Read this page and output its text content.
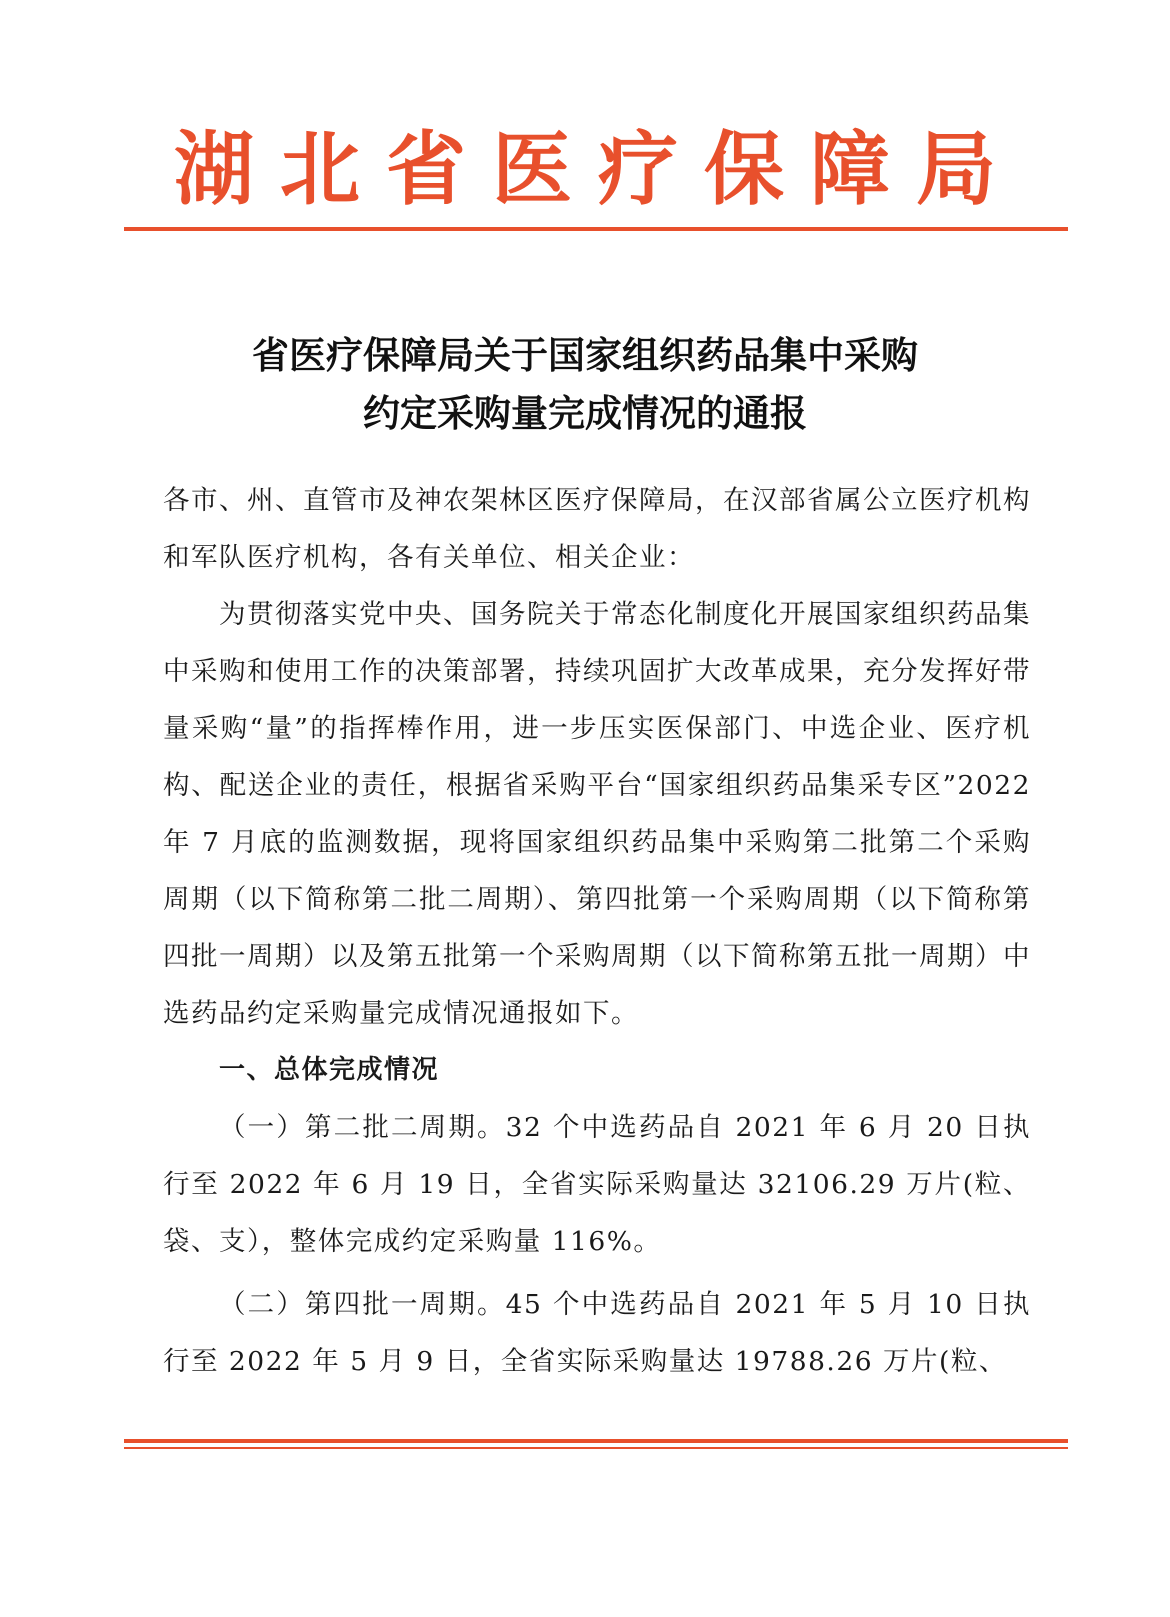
湖北省医疗保障局
省医疗保障局关于国家组织药品集中采购
约定采购量完成情况的通报

各市、州、直管市及神农架林区医疗保障局，在汉部省属公立医疗机构和军队医疗机构，各有关单位、相关企业：

为贯彻落实党中央、国务院关于常态化制度化开展国家组织药品集中采购和使用工作的决策部署，持续巩固扩大改革成果，充分发挥好带量采购“量”的指挥棒作用，进一步压实医保部门、中选企业、医疗机构、配送企业的责任，根据省采购平台“国家组织药品集采专区”2022 年 7 月底的监测数据，现将国家组织药品集中采购第二批第二个采购周期（以下简称第二批二周期）、第四批第一个采购周期（以下简称第四批一周期）以及第五批第一个采购周期（以下简称第五批一周期）中选药品约定采购量完成情况通报如下。

一、总体完成情况

（一）第二批二周期。32 个中选药品自 2021 年 6 月 20 日执行至 2022 年 6 月 19 日，全省实际采购量达 32106.29 万片(粒、袋、支），整体完成约定采购量 116%。

（二）第四批一周期。45 个中选药品自 2021 年 5 月 10 日执行至 2022 年 5 月 9 日，全省实际采购量达 19788.26 万片(粒、
